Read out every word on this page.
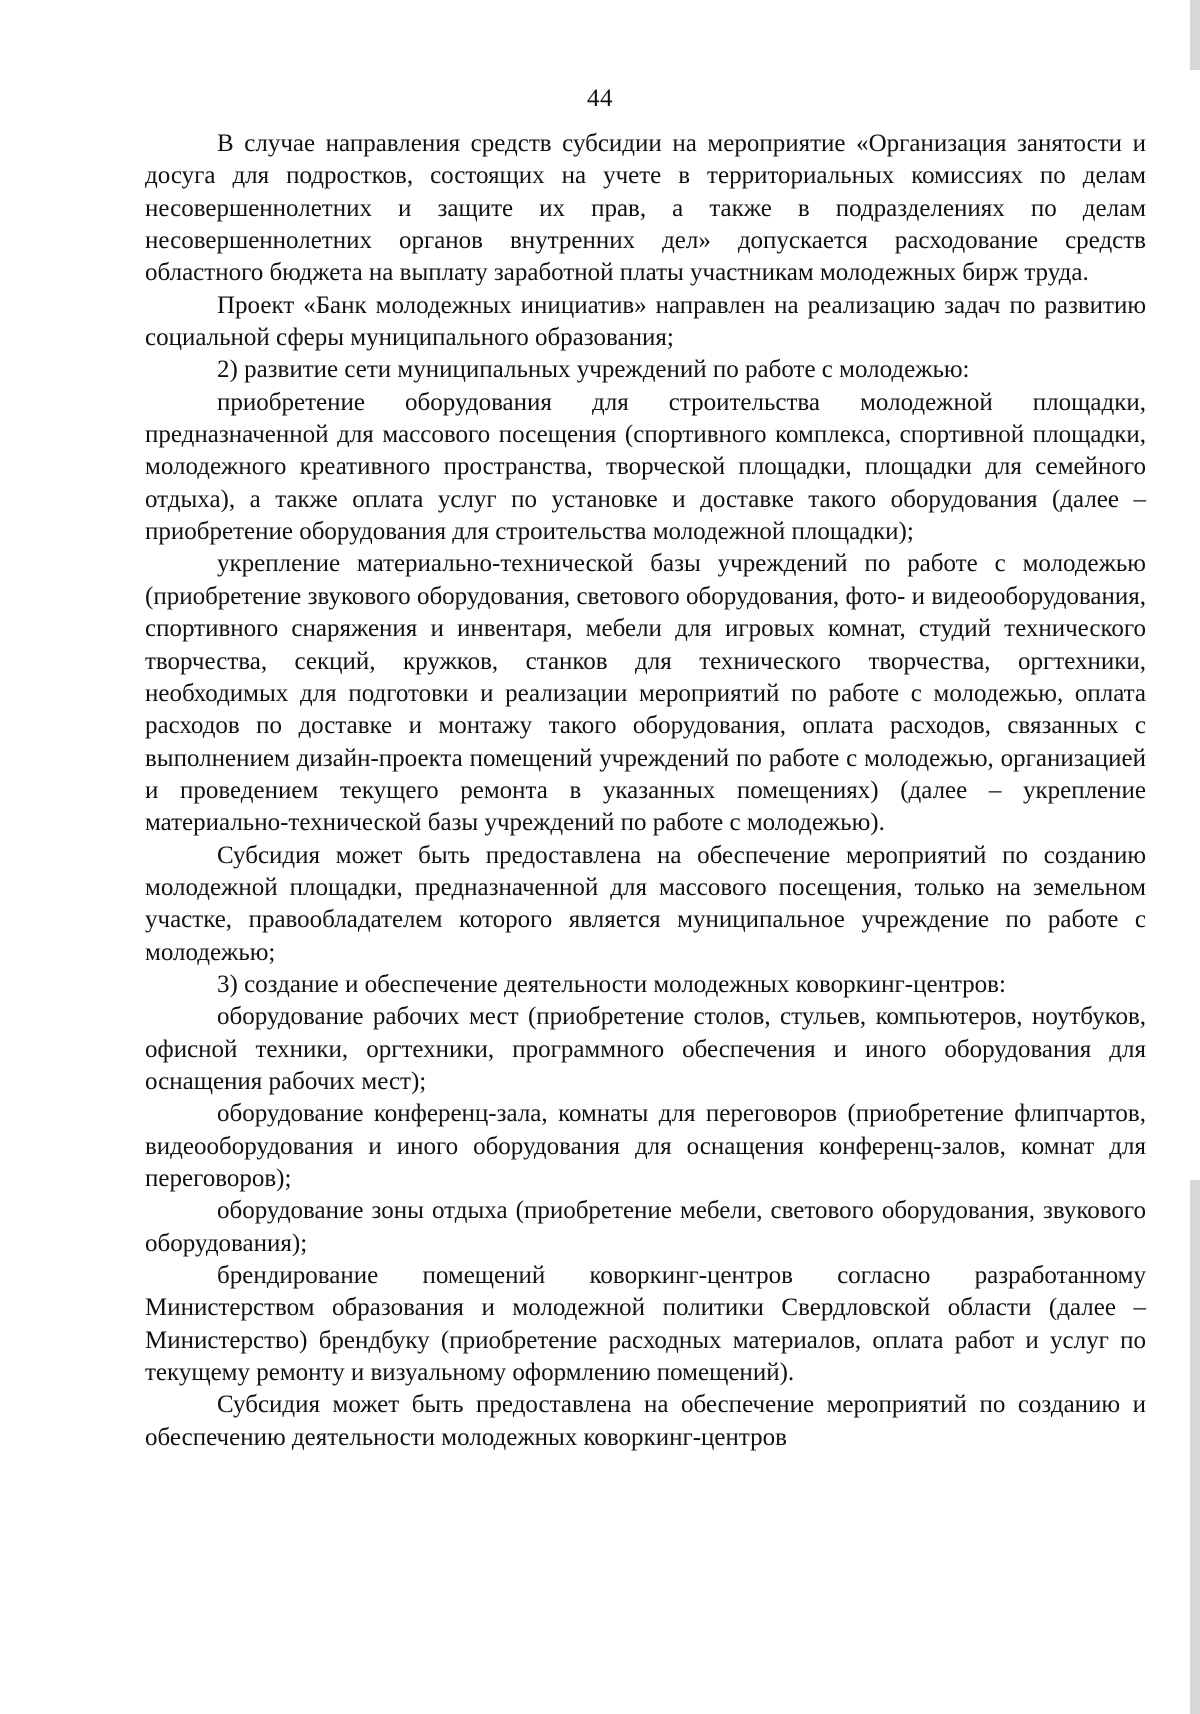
44

В случае направления средств субсидии на мероприятие «Организация занятости и досуга для подростков, состоящих на учете в территориальных комиссиях по делам несовершеннолетних и защите их прав, а также в подразделениях по делам несовершеннолетних органов внутренних дел» допускается расходование средств областного бюджета на выплату заработной платы участникам молодежных бирж труда.

Проект «Банк молодежных инициатив» направлен на реализацию задач по развитию социальной сферы муниципального образования;

2) развитие сети муниципальных учреждений по работе с молодежью:

приобретение оборудования для строительства молодежной площадки, предназначенной для массового посещения (спортивного комплекса, спортивной площадки, молодежного креативного пространства, творческой площадки, площадки для семейного отдыха), а также оплата услуг по установке и доставке такого оборудования (далее – приобретение оборудования для строительства молодежной площадки);

укрепление материально-технической базы учреждений по работе с молодежью (приобретение звукового оборудования, светового оборудования, фото- и видеооборудования, спортивного снаряжения и инвентаря, мебели для игровых комнат, студий технического творчества, секций, кружков, станков для технического творчества, оргтехники, необходимых для подготовки и реализации мероприятий по работе с молодежью, оплата расходов по доставке и монтажу такого оборудования, оплата расходов, связанных с выполнением дизайн-проекта помещений учреждений по работе с молодежью, организацией и проведением текущего ремонта в указанных помещениях) (далее – укрепление материально-технической базы учреждений по работе с молодежью).

Субсидия может быть предоставлена на обеспечение мероприятий по созданию молодежной площадки, предназначенной для массового посещения, только на земельном участке, правообладателем которого является муниципальное учреждение по работе с молодежью;

3) создание и обеспечение деятельности молодежных коворкинг-центров:

оборудование рабочих мест (приобретение столов, стульев, компьютеров, ноутбуков, офисной техники, оргтехники, программного обеспечения и иного оборудования для оснащения рабочих мест);

оборудование конференц-зала, комнаты для переговоров (приобретение флипчартов, видеооборудования и иного оборудования для оснащения конференц-залов, комнат для переговоров);

оборудование зоны отдыха (приобретение мебели, светового оборудования, звукового оборудования);

брендирование помещений коворкинг-центров согласно разработанному Министерством образования и молодежной политики Свердловской области (далее – Министерство) брендбуку (приобретение расходных материалов, оплата работ и услуг по текущему ремонту и визуальному оформлению помещений).

Субсидия может быть предоставлена на обеспечение мероприятий по созданию и обеспечению деятельности молодежных коворкинг-центров
